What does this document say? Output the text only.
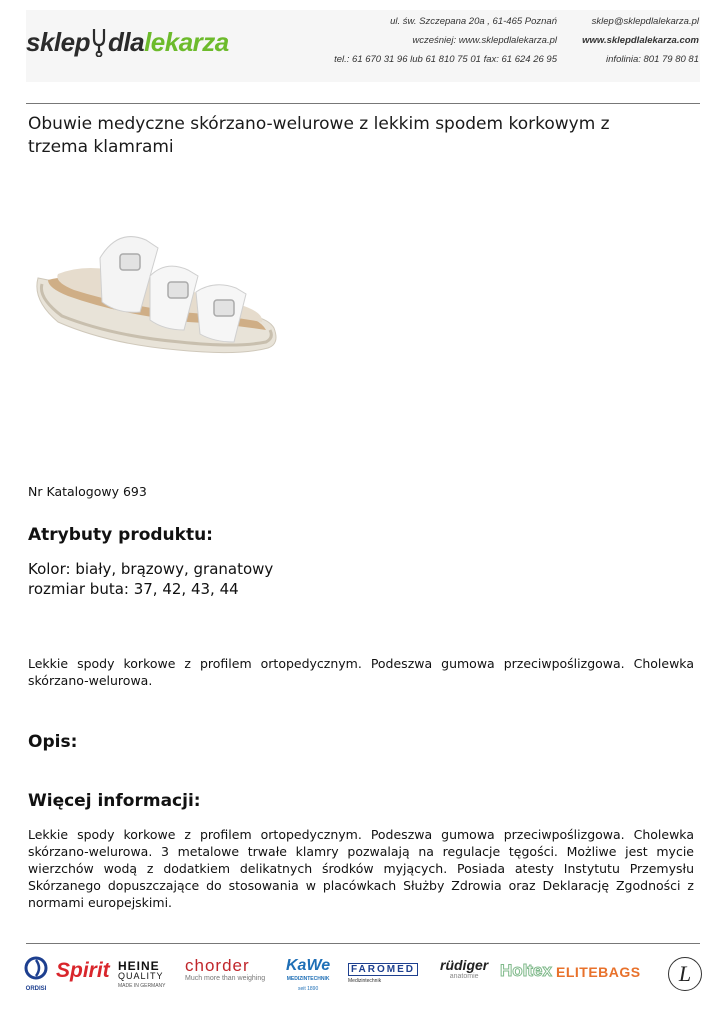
sklep dla lekarza
ul. św. Szczepana 20a , 61-465 Poznań
wcześniej: www.sklepdlalekarza.pl
tel.: 61 670 31 96 lub 61 810 75 01 fax: 61 624 26 95
sklep@sklepdlalekarza.pl
www.sklepdlalekarza.com
infolinia: 801 79 80 81
Obuwie medyczne skórzano-welurowe z lekkim spodem korkowym z trzema klamrami
Nr Katalogowy 693
Atrybuty produktu:
Kolor: biały, brązowy, granatowy
rozmiar buta: 37, 42, 43, 44
Lekkie spody korkowe z profilem ortopedycznym. Podeszwa gumowa przeciwpoślizgowa. Cholewka skórzano-welurowa.
Opis:
Więcej informacji:
Lekkie spody korkowe z profilem ortopedycznym. Podeszwa gumowa przeciwpoślizgowa. Cholewka skórzano-welurowa. 3 metalowe trwałe klamry pozwalają na regulacje tęgości. Możliwe jest mycie wierzchów wodą z dodatkiem delikatnych środków myjących. Posiada atesty Instytutu Przemysłu Skórzanego dopuszczające do stosowania w placówkach Służby Zdrowia oraz Deklarację Zgodności z normami europejskimi.
ORDISI
Spirit HEINE
QUALITY
MADE IN GERMANY
chorder
Much more than weighing
KaWe
MEDIZINTECHNIK
seit 1890
FAROMED
Medizintechnik
rüdiger
anatomie	Holtex ELITEBAGS	L
